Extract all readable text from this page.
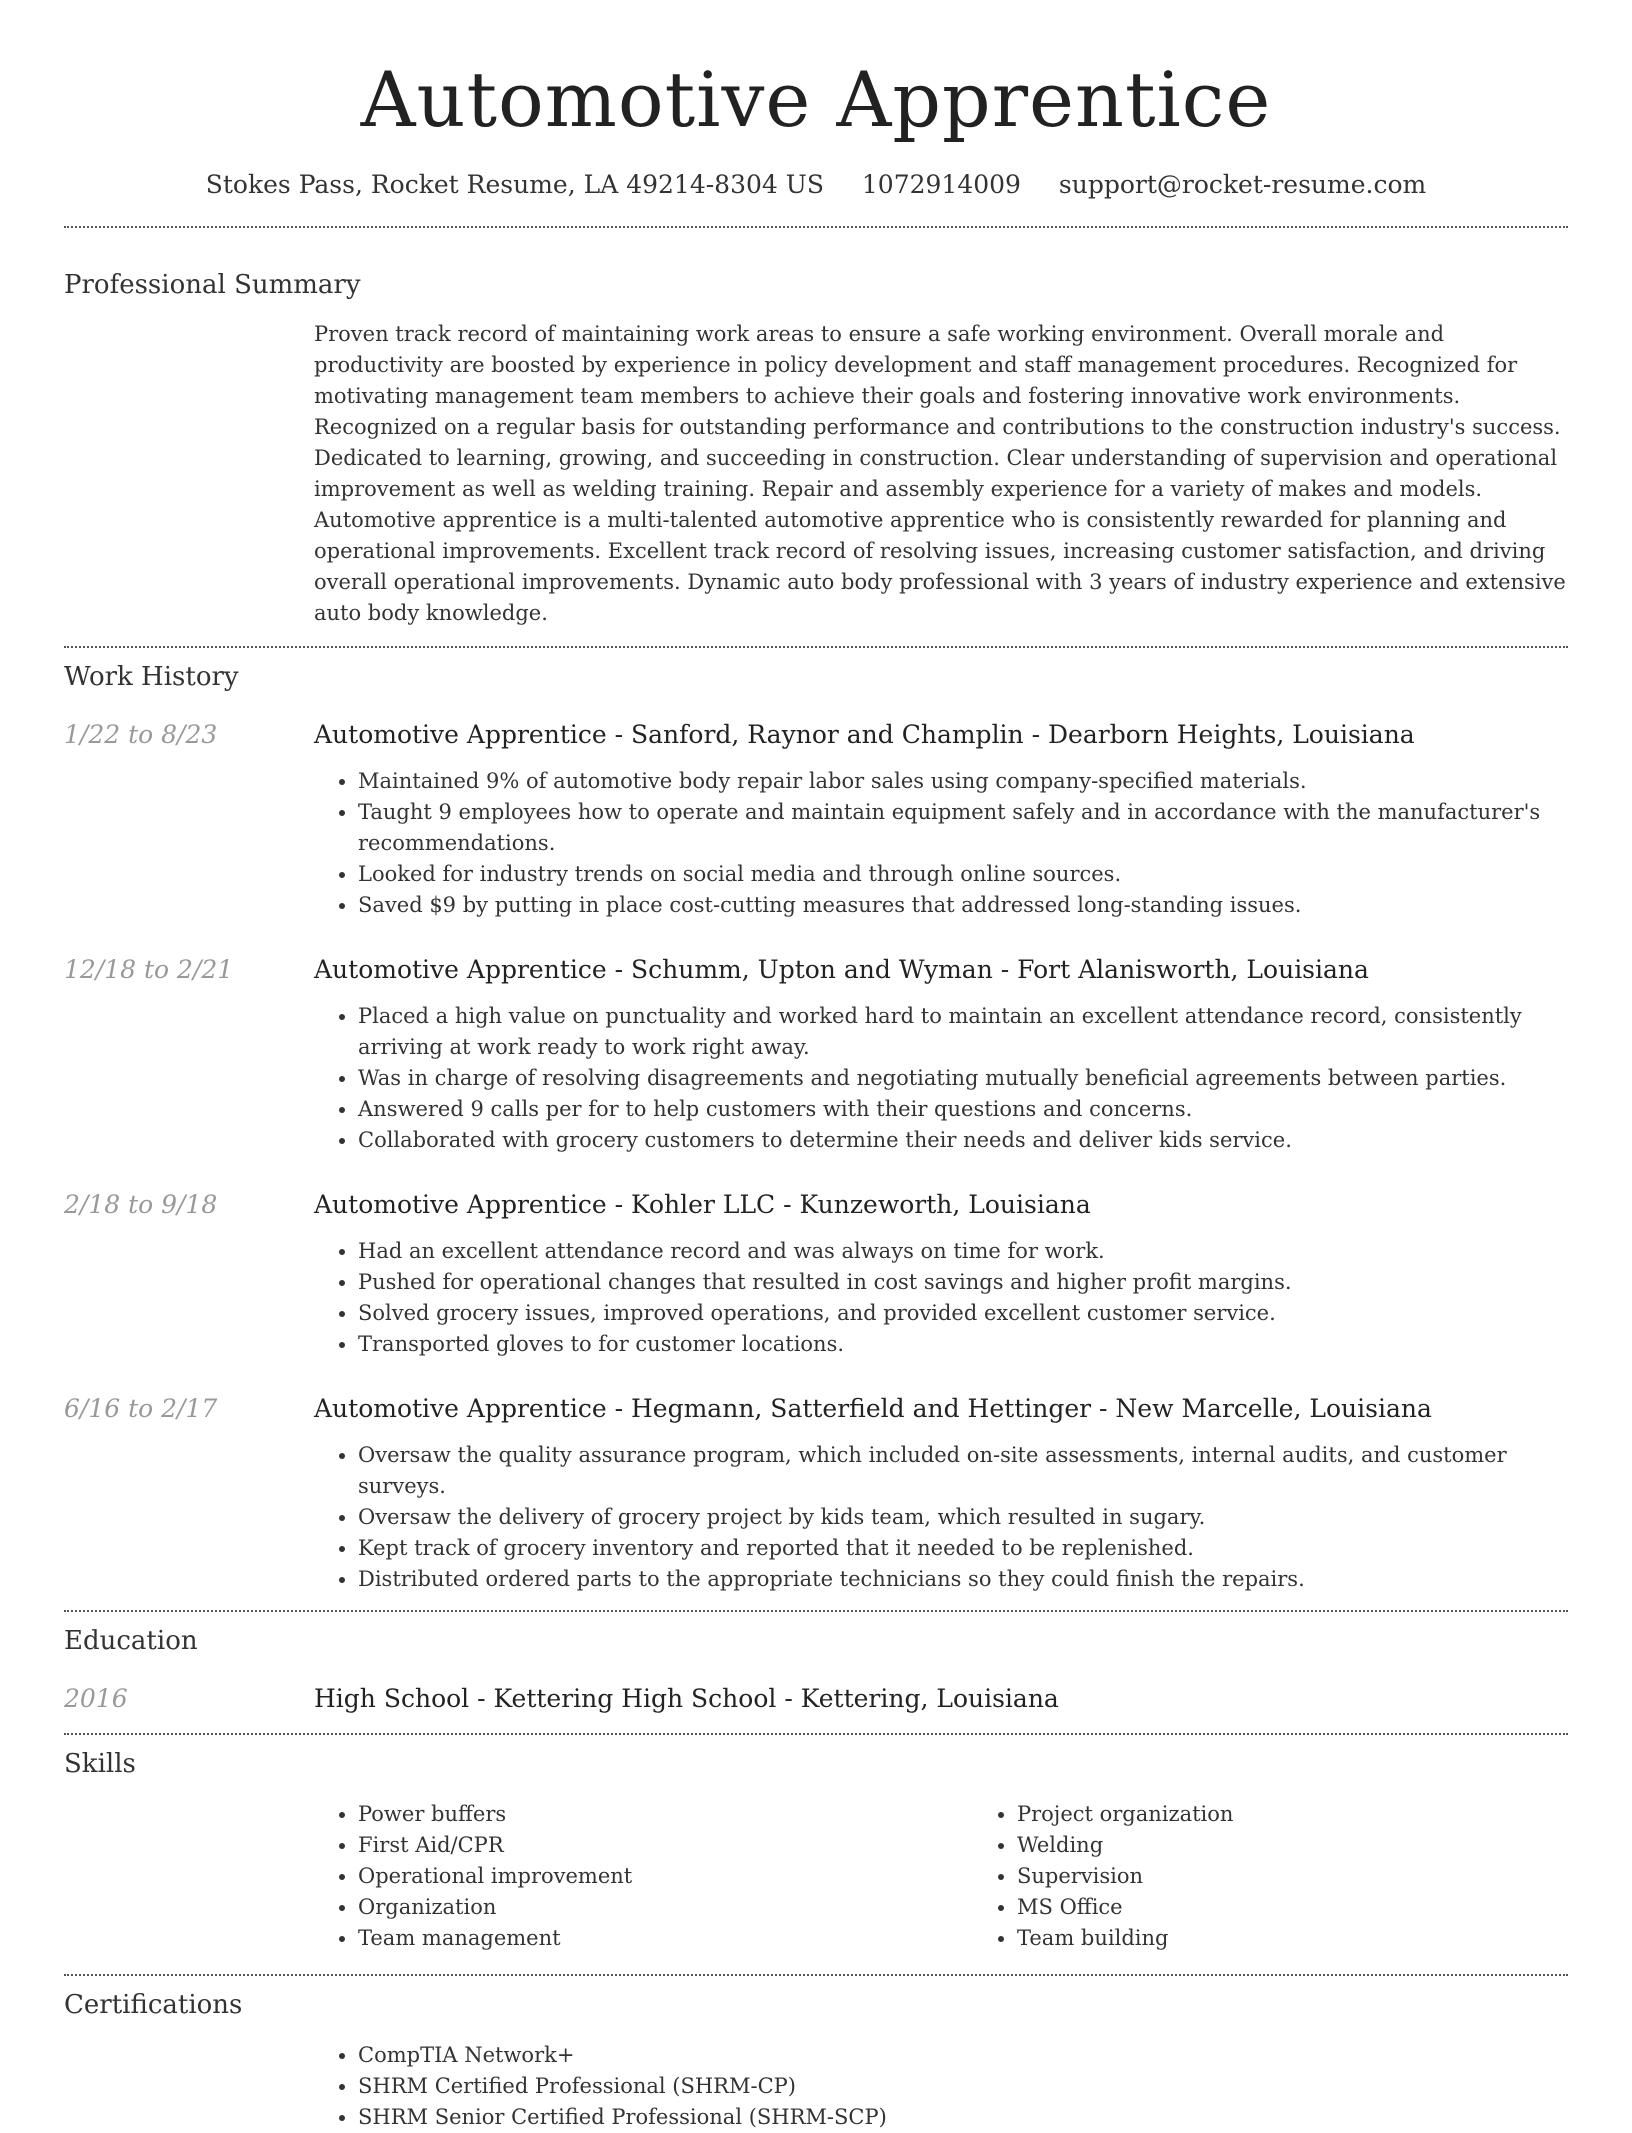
Automotive Apprentice
Stokes Pass, Rocket Resume, LA 49214-8304 US 1072914009 support@rocket-resume.com
Professional Summary

Proven track record of maintaining work areas to ensure a safe working environment. Overall morale and productivity are boosted by experience in policy development and staff management procedures. Recognized for motivating management team members to achieve their goals and fostering innovative work environments. Recognized on a regular basis for outstanding performance and contributions to the construction industry's success. Dedicated to learning, growing, and succeeding in construction. Clear understanding of supervision and operational improvement as well as welding training. Repair and assembly experience for a variety of makes and models. Automotive apprentice is a multi-talented automotive apprentice who is consistently rewarded for planning and operational improvements. Excellent track record of resolving issues, increasing customer satisfaction, and driving overall operational improvements. Dynamic auto body professional with 3 years of industry experience and extensive auto body knowledge.

Work History
1/22 to 8/23	Automotive Apprentice - Sanford, Raynor and Champlin - Dearborn Heights, Louisiana

• Maintained 9% of automotive body repair labor sales using company-specified materials.
• Taught 9 employees how to operate and maintain equipment safely and in accordance with the manufacturer's recommendations.
• Looked for industry trends on social media and through online sources.
• Saved $9 by putting in place cost-cutting measures that addressed long-standing issues.
12/18 to 2/21	Automotive Apprentice - Schumm, Upton and Wyman - Fort Alanisworth, Louisiana

• Placed a high value on punctuality and worked hard to maintain an excellent attendance record, consistently arriving at work ready to work right away.
• Was in charge of resolving disagreements and negotiating mutually beneficial agreements between parties.
• Answered 9 calls per for to help customers with their questions and concerns.
• Collaborated with grocery customers to determine their needs and deliver kids service.
2/18 to 9/18	Automotive Apprentice - Kohler LLC - Kunzeworth, Louisiana

• Had an excellent attendance record and was always on time for work.
• Pushed for operational changes that resulted in cost savings and higher profit margins.
• Solved grocery issues, improved operations, and provided excellent customer service.
• Transported gloves to for customer locations.
6/16 to 2/17	Automotive Apprentice - Hegmann, Satterfield and Hettinger - New Marcelle, Louisiana

• Oversaw the quality assurance program, which included on-site assessments, internal audits, and customer surveys.
• Oversaw the delivery of grocery project by kids team, which resulted in sugary.
• Kept track of grocery inventory and reported that it needed to be replenished.
• Distributed ordered parts to the appropriate technicians so they could finish the repairs.
Education
2016	High School - Kettering High School - Kettering, Louisiana

Skills
• Power buffers
• First Aid/CPR
• Operational improvement
• Organization
• Team management
• Project organization
• Welding
• Supervision
• MS Office
• Team building
Certifications
• CompTIA Network+
• SHRM Certified Professional (SHRM-CP)
• SHRM Senior Certified Professional (SHRM-SCP)
